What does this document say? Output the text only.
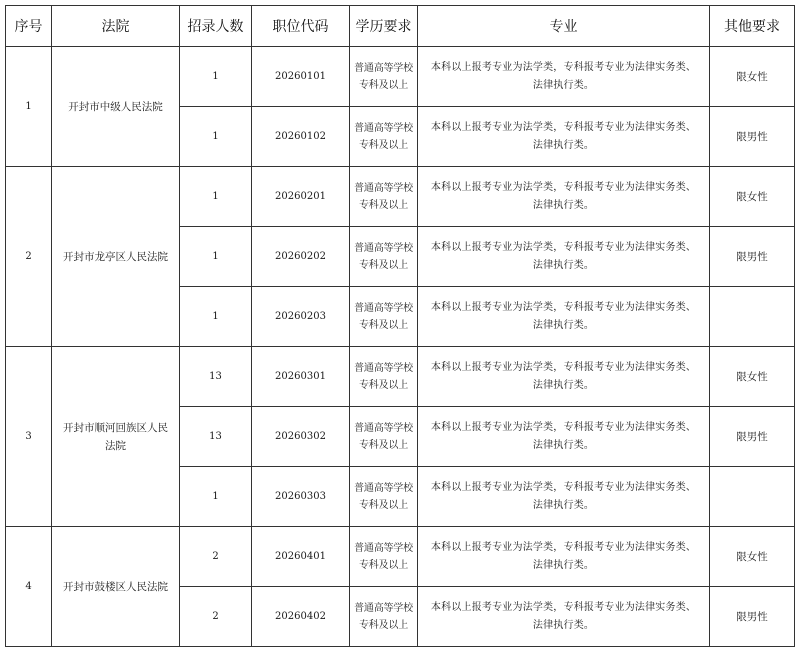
序号	法院	招录人数	职位代码	学历要求	专业	其他要求
1	开封市中级人民法院	1	20260101	普通高等学校专科及以上	本科以上报考专业为法学类，专科报考专业为法律实务类、法律执行类。	限女性
		1	20260102	普通高等学校专科及以上	本科以上报考专业为法学类，专科报考专业为法律实务类、法律执行类。	限男性
2	开封市龙亭区人民法院	1	20260201	普通高等学校专科及以上	本科以上报考专业为法学类，专科报考专业为法律实务类、法律执行类。	限女性
		1	20260202	普通高等学校专科及以上	本科以上报考专业为法学类，专科报考专业为法律实务类、法律执行类。	限男性
		1	20260203	普通高等学校专科及以上	本科以上报考专业为法学类，专科报考专业为法律实务类、法律执行类。	
3	开封市顺河回族区人民法院	13	20260301	普通高等学校专科及以上	本科以上报考专业为法学类，专科报考专业为法律实务类、法律执行类。	限女性
		13	20260302	普通高等学校专科及以上	本科以上报考专业为法学类，专科报考专业为法律实务类、法律执行类。	限男性
		1	20260303	普通高等学校专科及以上	本科以上报考专业为法学类，专科报考专业为法律实务类、法律执行类。	
4	开封市鼓楼区人民法院	2	20260401	普通高等学校专科及以上	本科以上报考专业为法学类，专科报考专业为法律实务类、法律执行类。	限女性
		2	20260402	普通高等学校专科及以上	本科以上报考专业为法学类，专科报考专业为法律实务类、法律执行类。	限男性
